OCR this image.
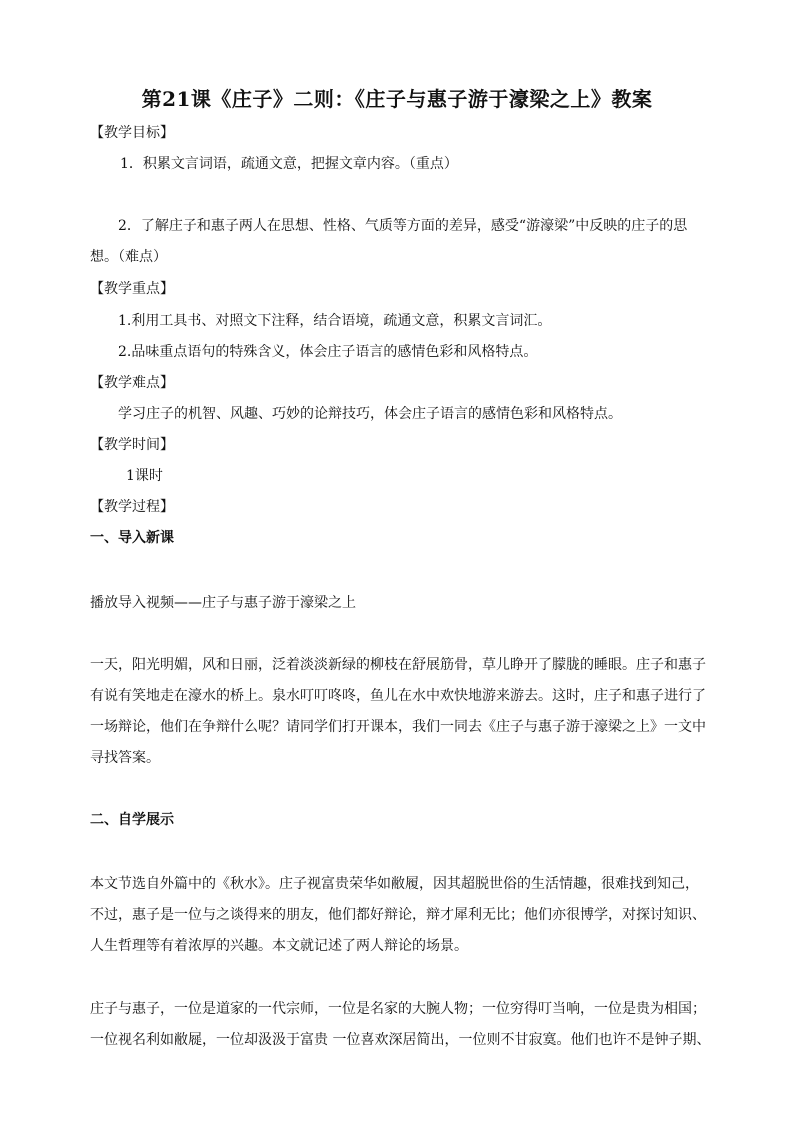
第21课《庄子》二则：《庄子与惠子游于濠梁之上》教案
【教学目标】
1．积累文言词语，疏通文意，把握文章内容。（重点）
2．了解庄子和惠子两人在思想、性格、气质等方面的差异，感受“游濠梁”中反映的庄子的思
想。（难点）
【教学重点】
1.利用工具书、对照文下注释，结合语境，疏通文意，积累文言词汇。
2.品味重点语句的特殊含义，体会庄子语言的感情色彩和风格特点。
【教学难点】
学习庄子的机智、风趣、巧妙的论辩技巧，体会庄子语言的感情色彩和风格特点。
【教学时间】
1课时
【教学过程】
一、导入新课
播放导入视频——庄子与惠子游于濠梁之上
一天，阳光明媚，风和日丽，泛着淡淡新绿的柳枝在舒展筋骨，草儿睁开了朦胧的睡眼。庄子和惠子
有说有笑地走在濠水的桥上。泉水叮叮咚咚，鱼儿在水中欢快地游来游去。这时，庄子和惠子进行了
一场辩论，他们在争辩什么呢？请同学们打开课本，我们一同去《庄子与惠子游于濠梁之上》一文中
寻找答案。
二、自学展示
本文节选自外篇中的《秋水》。庄子视富贵荣华如敝履，因其超脱世俗的生活情趣，很难找到知己，
不过，惠子是一位与之谈得来的朋友，他们都好辩论，辩才犀利无比；他们亦很博学，对探讨知识、
人生哲理等有着浓厚的兴趣。本文就记述了两人辩论的场景。
庄子与惠子，一位是道家的一代宗师，一位是名家的大腕人物；一位穷得叮当响，一位是贵为相国；
一位视名利如敝屣，一位却汲汲于富贵 一位喜欢深居简出，一位则不甘寂寞。他们也许不是钟子期、
